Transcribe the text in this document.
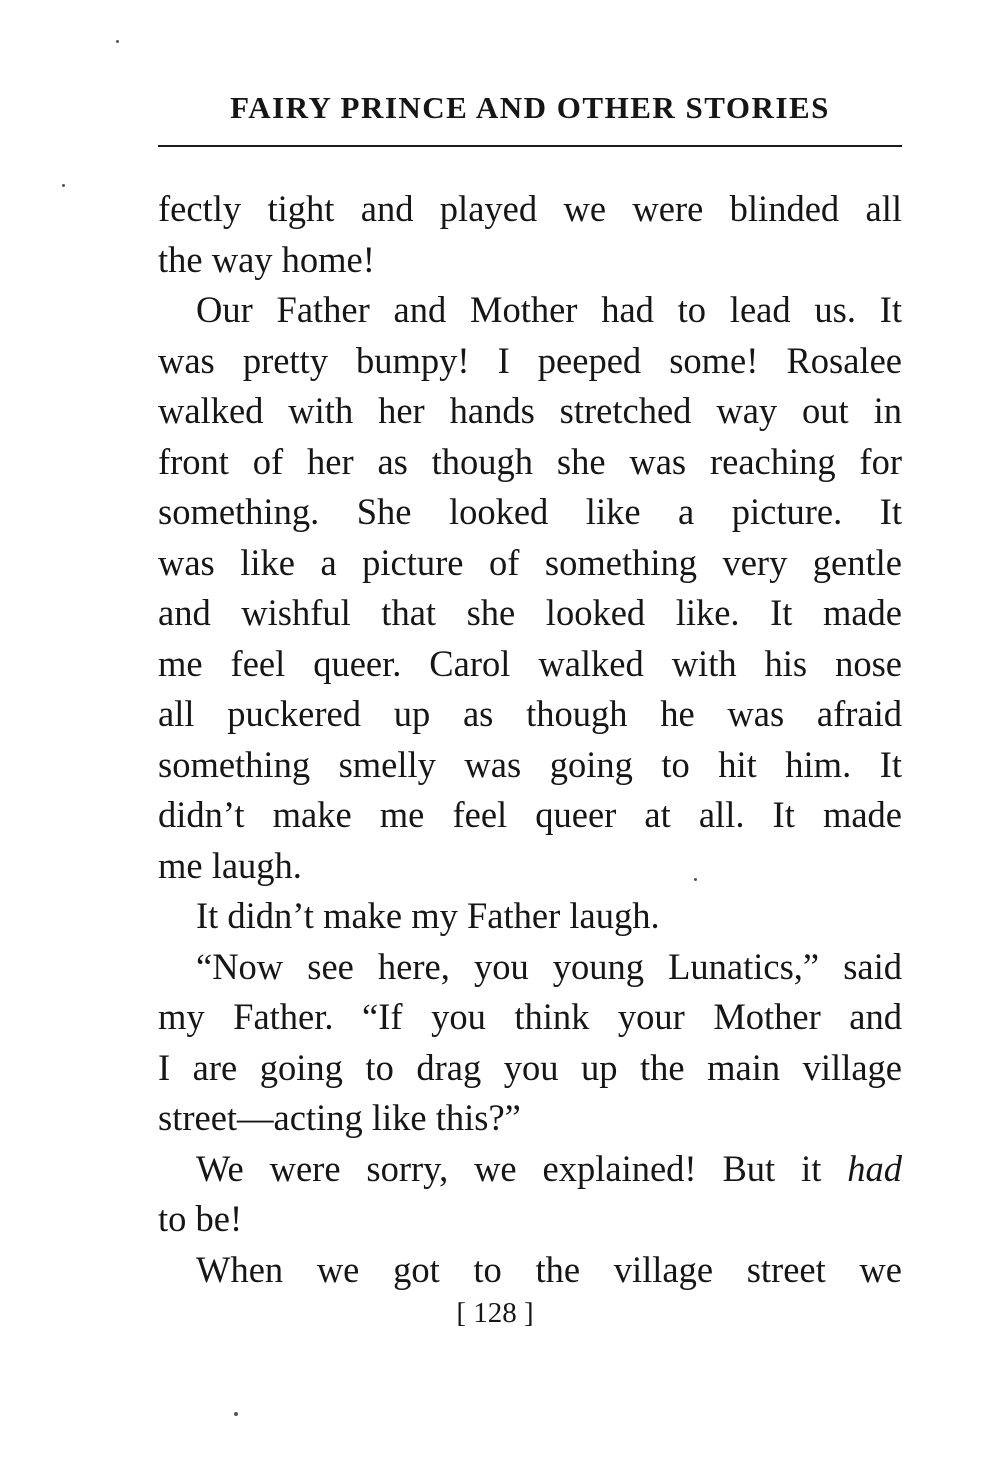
FAIRY PRINCE AND OTHER STORIES
fectly tight and played we were blinded all
the way home!
Our Father and Mother had to lead us. It
was pretty bumpy! I peeped some! Rosalee
walked with her hands stretched way out in
front of her as though she was reaching for
something. She looked like a picture. It
was like a picture of something very gentle
and wishful that she looked like. It made
me feel queer. Carol walked with his nose
all puckered up as though he was afraid
something smelly was going to hit him. It
didn’t make me feel queer at all. It made
me laugh.
It didn’t make my Father laugh.
“Now see here, you young Lunatics,” said
my Father. “If you think your Mother and
I are going to drag you up the main village
street—acting like this?”
We were sorry, we explained! But it had
to be!
When we got to the village street we
[ 128 ]
